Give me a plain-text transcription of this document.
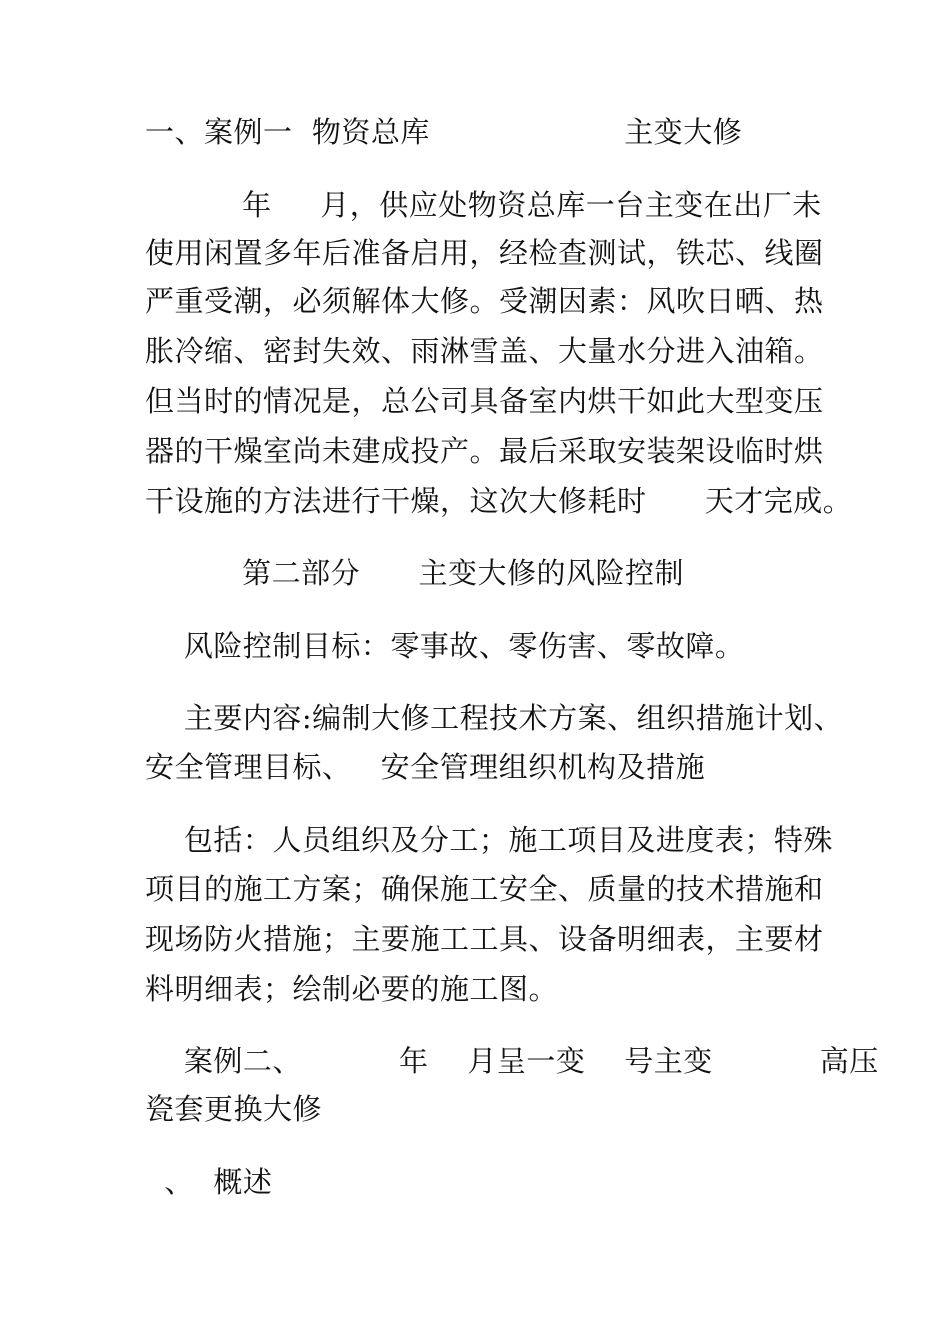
一、案例一  物资总库                    主变大修
年     月，供应处物资总库一台主变在出厂未
使用闲置多年后准备启用，经检查测试，铁芯、线圈
严重受潮，必须解体大修。受潮因素：风吹日晒、热
胀冷缩、密封失效、雨淋雪盖、大量水分进入油箱。
但当时的情况是，总公司具备室内烘干如此大型变压
器的干燥室尚未建成投产。最后采取安装架设临时烘
干设施的方法进行干燥，这次大修耗时      天才完成。
第二部分      主变大修的风险控制
风险控制目标：零事故、零伤害、零故障。
主要内容:编制大修工程技术方案、组织措施计划、
安全管理目标、   安全管理组织机构及措施
包括：人员组织及分工；施工项目及进度表；特殊
项目的施工方案；确保施工安全、质量的技术措施和
现场防火措施；主要施工工具、设备明细表，主要材
料明细表；绘制必要的施工图。
案例二、          年    月呈一变    号主变           高压
瓷套更换大修
、  概述
